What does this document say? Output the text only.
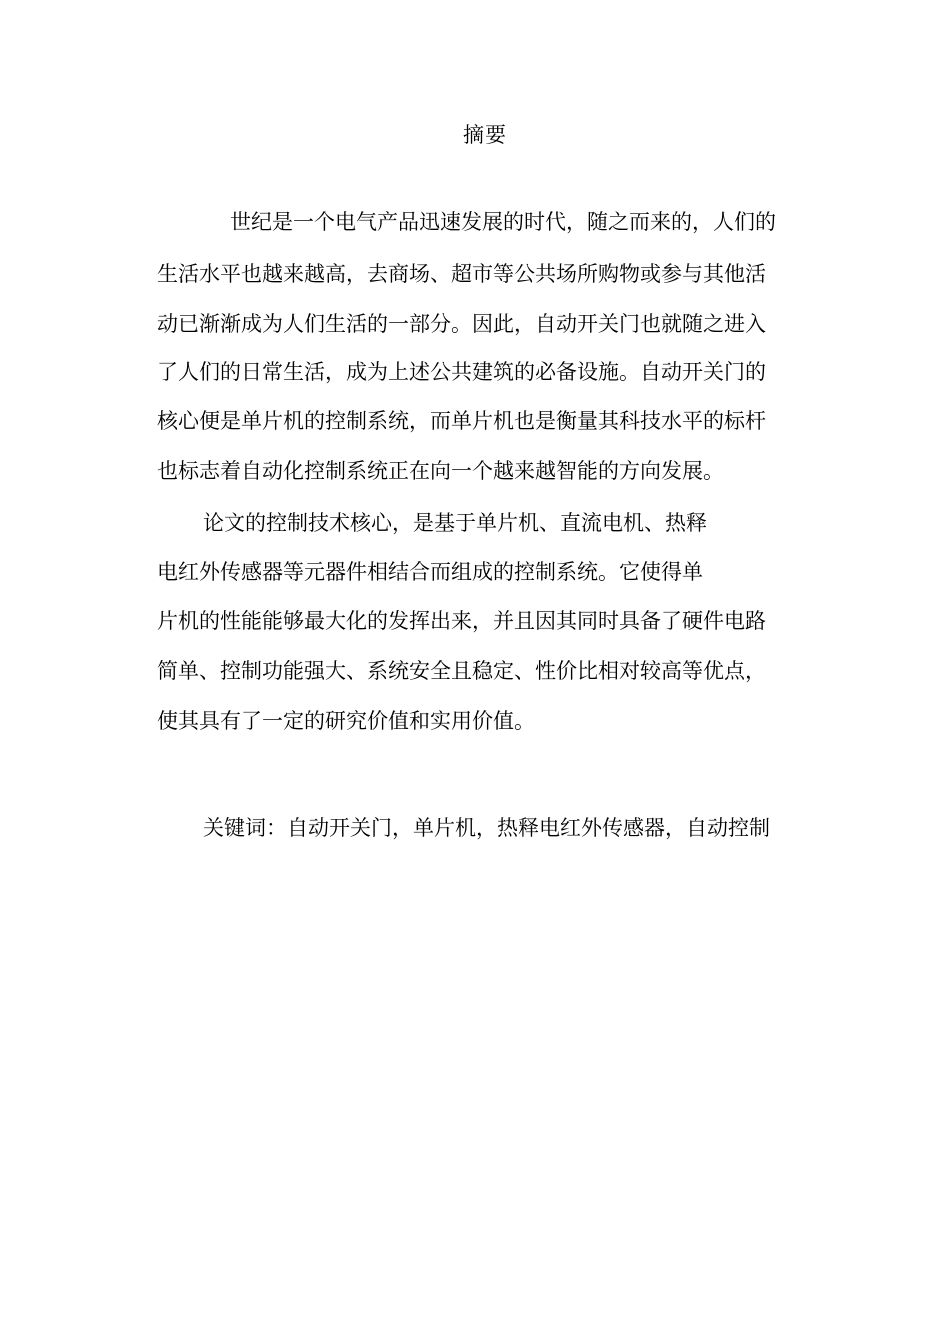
摘要
世纪是一个电气产品迅速发展的时代，随之而来的，人们的
生活水平也越来越高，去商场、超市等公共场所购物或参与其他活
动已渐渐成为人们生活的一部分。因此，自动开关门也就随之进入
了人们的日常生活，成为上述公共建筑的必备设施。自动开关门的
核心便是单片机的控制系统，而单片机也是衡量其科技水平的标杆
也标志着自动化控制系统正在向一个越来越智能的方向发展。
论文的控制技术核心，是基于单片机、直流电机、热释
电红外传感器等元器件相结合而组成的控制系统。它使得单
片机的性能能够最大化的发挥出来，并且因其同时具备了硬件电路
简单、控制功能强大、系统安全且稳定、性价比相对较高等优点，
使其具有了一定的研究价值和实用价值。
关键词：自动开关门，单片机，热释电红外传感器，自动控制
